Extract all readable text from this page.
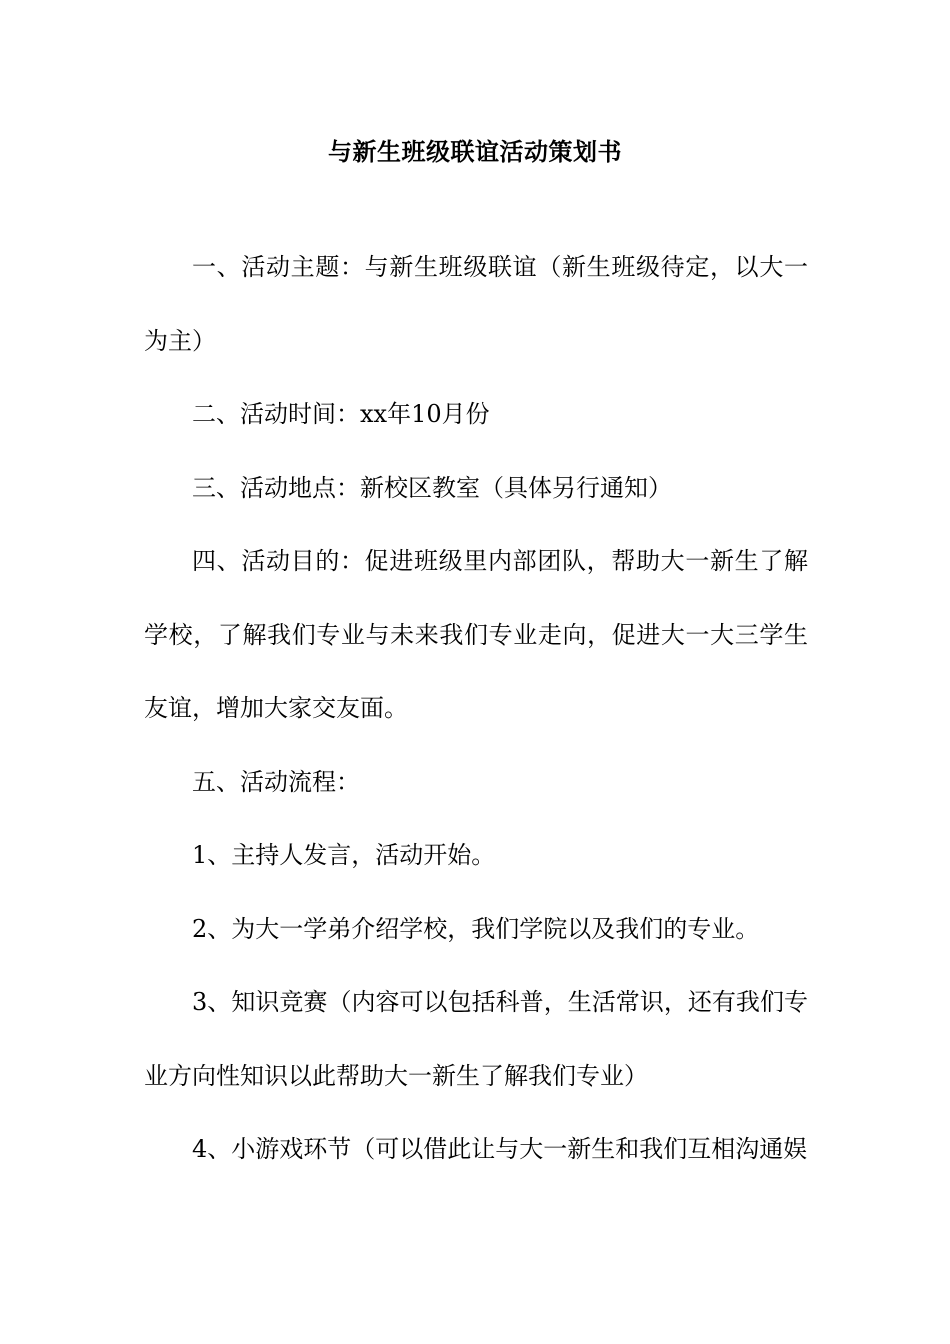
与新生班级联谊活动策划书

一、活动主题：与新生班级联谊（新生班级待定，以大一为主）

二、活动时间：xx年10月份

三、活动地点：新校区教室（具体另行通知）

四、活动目的：促进班级里内部团队，帮助大一新生了解学校，了解我们专业与未来我们专业走向，促进大一大三学生友谊，增加大家交友面。

五、活动流程：

1、主持人发言，活动开始。

2、为大一学弟介绍学校，我们学院以及我们的专业。

3、知识竞赛（内容可以包括科普，生活常识，还有我们专业方向性知识以此帮助大一新生了解我们专业）

4、小游戏环节（可以借此让与大一新生和我们互相沟通娱
